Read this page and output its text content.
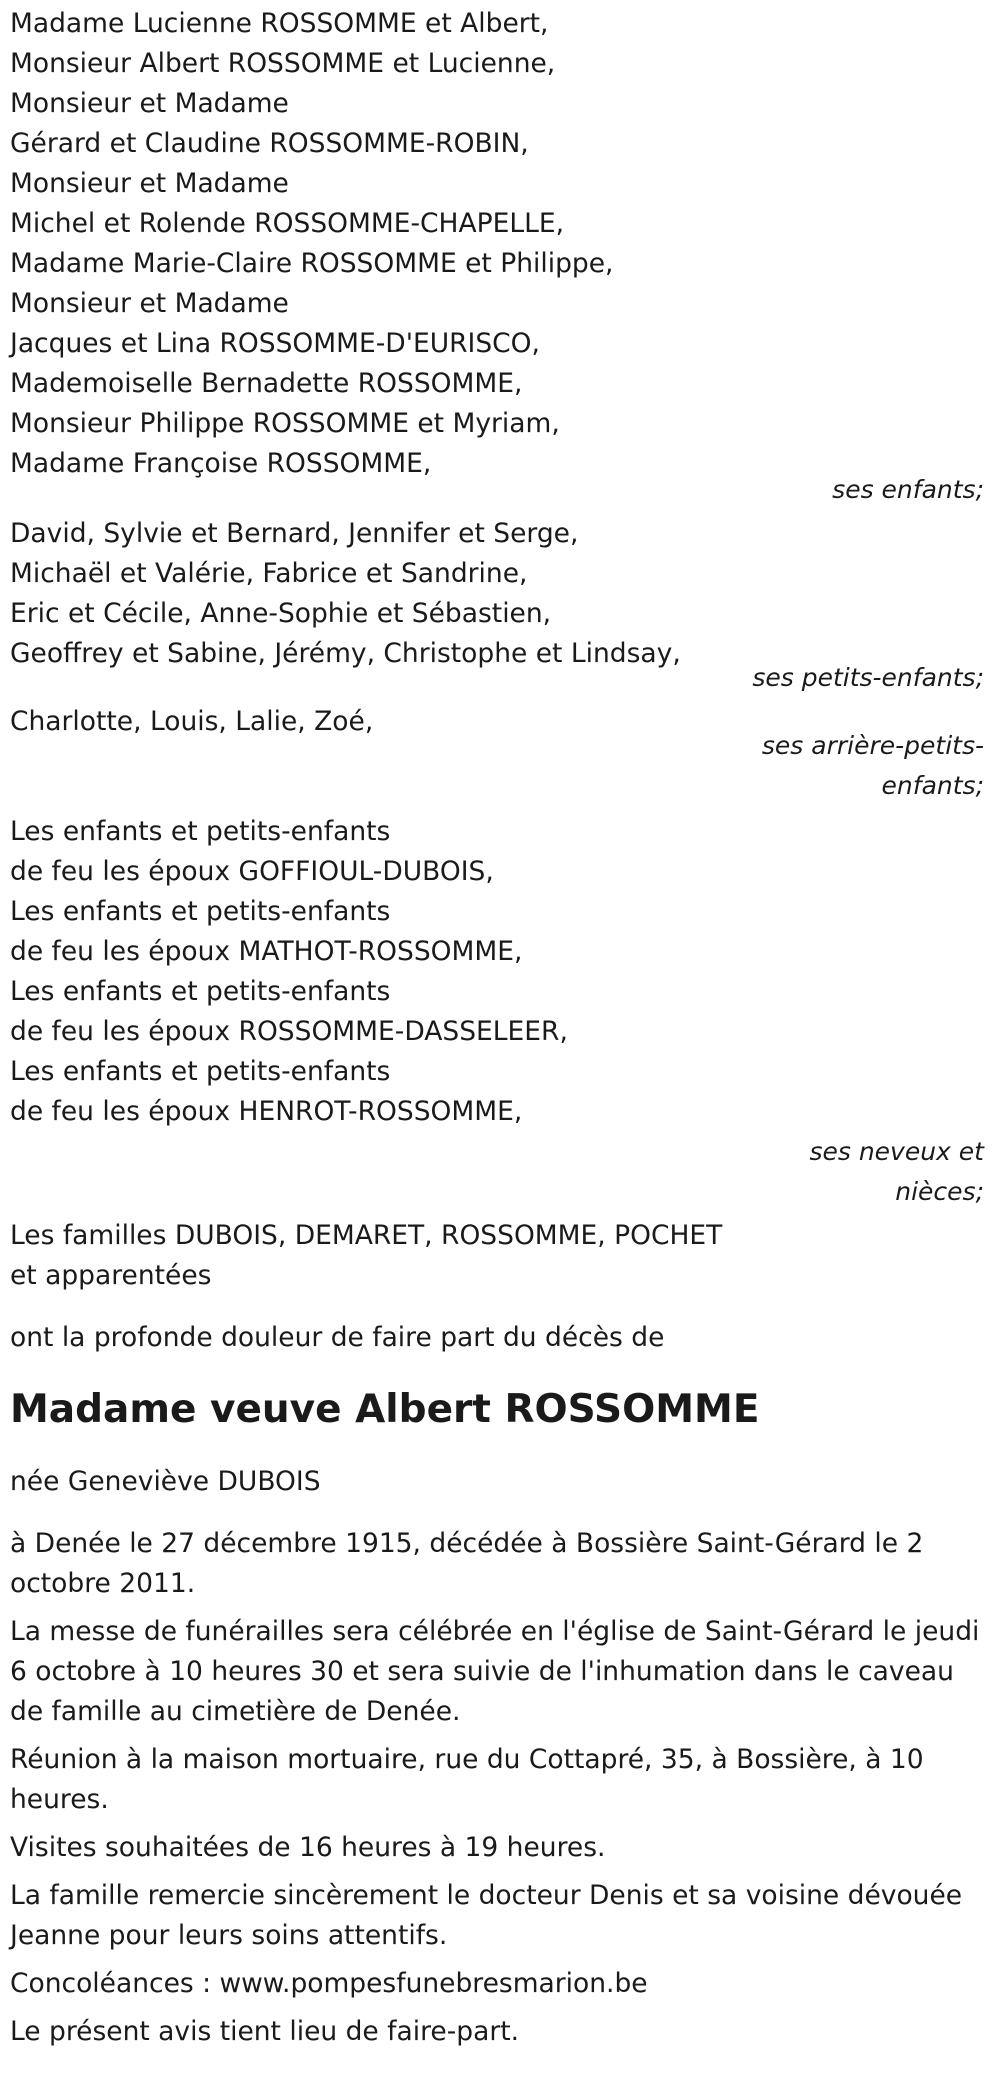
Madame Lucienne ROSSOMME et Albert,
Monsieur Albert ROSSOMME et Lucienne,
Monsieur et Madame
Gérard et Claudine ROSSOMME-ROBIN,
Monsieur et Madame
Michel et Rolende ROSSOMME-CHAPELLE,
Madame Marie-Claire ROSSOMME et Philippe,
Monsieur et Madame
Jacques et Lina ROSSOMME-D'EURISCO,
Mademoiselle Bernadette ROSSOMME,
Monsieur Philippe ROSSOMME et Myriam,
Madame Françoise ROSSOMME,
ses enfants;
David, Sylvie et Bernard, Jennifer et Serge,
Michaël et Valérie, Fabrice et Sandrine,
Eric et Cécile, Anne-Sophie et Sébastien,
Geoffrey et Sabine, Jérémy, Christophe et Lindsay,
ses petits-enfants;
Charlotte, Louis, Lalie, Zoé,
ses arrière-petits-
enfants;
Les enfants et petits-enfants
de feu les époux GOFFIOUL-DUBOIS,
Les enfants et petits-enfants
de feu les époux MATHOT-ROSSOMME,
Les enfants et petits-enfants
de feu les époux ROSSOMME-DASSELEER,
Les enfants et petits-enfants
de feu les époux HENROT-ROSSOMME,
ses neveux et
nièces;
Les familles DUBOIS, DEMARET, ROSSOMME, POCHET
et apparentées
ont la profonde douleur de faire part du décès de
Madame veuve Albert ROSSOMME
née Geneviève DUBOIS
à Denée le 27 décembre 1915, décédée à Bossière Saint-Gérard le 2 octobre 2011.
La messe de funérailles sera célébrée en l'église de Saint-Gérard le jeudi 6 octobre à 10 heures 30 et sera suivie de l'inhumation dans le caveau de famille au cimetière de Denée.
Réunion à la maison mortuaire, rue du Cottapré, 35, à Bossière, à 10 heures.
Visites souhaitées de 16 heures à 19 heures.
La famille remercie sincèrement le docteur Denis et sa voisine dévouée Jeanne pour leurs soins attentifs.
Concoléances : www.pompesfunebresmarion.be
Le présent avis tient lieu de faire-part.
